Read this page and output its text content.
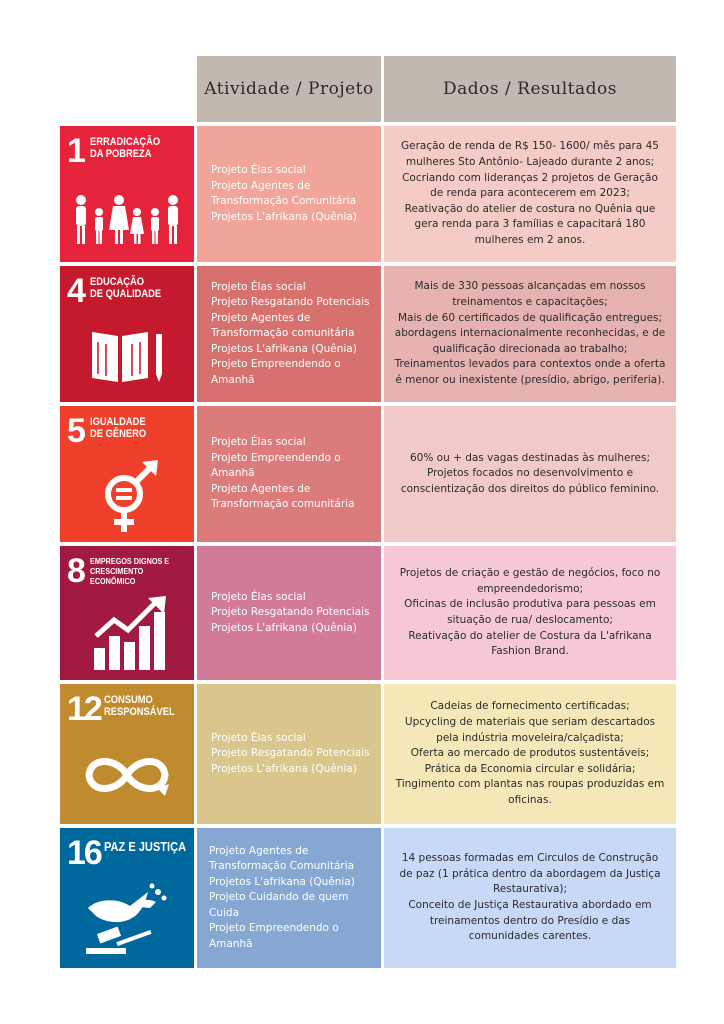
Atividade / Projeto	Dados / Resultados
1 ERRADICAÇÃO
DA POBREZA
Projeto Élas social
Projeto Agentes de Transformação Comunitária
Projetos L'afrikana (Quênia)
Geração de renda de R$ 150- 1600/ mês para 45 mulheres Sto Antônio- Lajeado durante 2 anos;
Cocriando com lideranças 2 projetos de Geração de renda para acontecerem em 2023;
Reativação do atelier de costura no Quênia que gera renda para 3 famílias e capacitará 180 mulheres em 2 anos.
4 EDUCAÇÃO
DE QUALIDADE
Projeto Élas social
Projeto Resgatando Potenciais
Projeto Agentes de Transformação comunitária
Projetos L'afrikana (Quênia)
Projeto Empreendendo o Amanhã
Mais de 330 pessoas alcançadas em nossos treinamentos e capacitações;
Mais de 60 certificados de qualificação entregues; abordagens internacionalmente reconhecidas, e de qualificação direcionada ao trabalho;
Treinamentos levados para contextos onde a oferta é menor ou inexistente (presídio, abrigo, periferia).
5 IGUALDADE
DE GÊNERO
Projeto Élas social
Projeto Empreendendo o Amanhã
Projeto Agentes de Transformação comunitária
60% ou + das vagas destinadas às mulheres;
Projetos focados no desenvolvimento e conscientização dos direitos do público feminino.
8 EMPREGOS DIGNOS E
CRESCIMENTO ECONÔMICO
Projeto Élas social
Projeto Resgatando Potenciais
Projetos L'afrikana (Quênia)
Projetos de criação e gestão de negócios, foco no empreendedorismo;
Oficinas de inclusão produtiva para pessoas em situação de rua/ deslocamento;
Reativação do atelier de Costura da L'afrikana Fashion Brand.
12 CONSUMO
RESPONSÁVEL
Projeto Élas social
Projeto Resgatando Potenciais
Projetos L'afrikana (Quênia)
Cadeias de fornecimento certificadas;
Upcycling de materiais que seriam descartados pela indústria moveleira/calçadista;
Oferta ao mercado de produtos sustentáveis;
Prática da Economia circular e solidária;
Tingimento com plantas nas roupas produzidas em oficinas.
16 PAZ E JUSTIÇA	Projeto Agentes de Transformação Comunitária
Projetos L'afrikana (Quênia)
Projeto Cuidando de quem Cuida
Projeto Empreendendo o Amanhã
14 pessoas formadas em Circulos de Construção de paz (1 prática dentro da abordagem da Justiça Restaurativa);
Conceito de Justiça Restaurativa abordado em treinamentos dentro do Presídio e das comunidades carentes.
